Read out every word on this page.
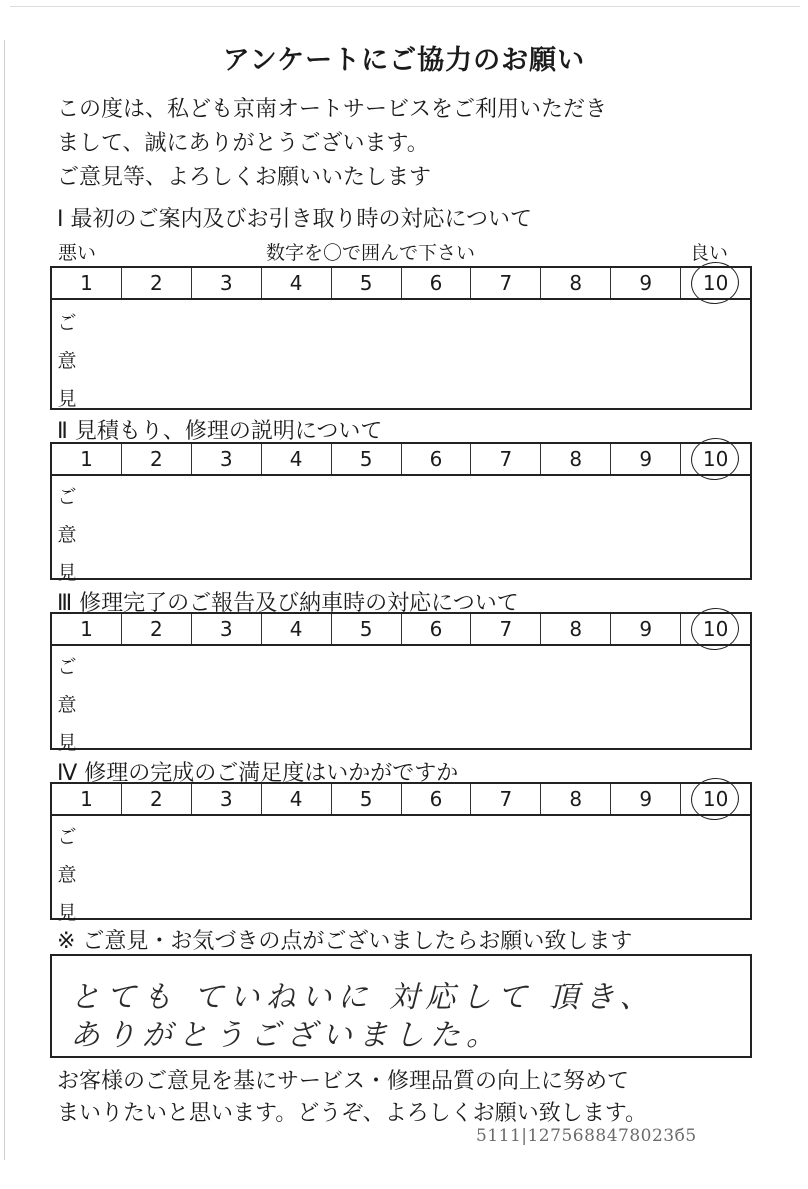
アンケートにご協力のお願い
この度は、私ども京南オートサービスをご利用いただき
まして、誠にありがとうございます。
ご意見等、よろしくお願いいたします
Ⅰ 最初のご案内及びお引き取り時の対応について
悪い	数字を〇で囲んで下さい	良い
1	2	3	4	5	6	7	8	9	10
ご
意
見
Ⅱ 見積もり、修理の説明について
1	2	3	4	5	6	7	8	9	10
ご
意
見
Ⅲ 修理完了のご報告及び納車時の対応について
1	2	3	4	5	6	7	8	9	10
ご
意
見
Ⅳ 修理の完成のご満足度はいかがですか
1	2	3	4	5	6	7	8	9	10
ご
意
見
※ ご意見・お気づきの点がございましたらお願い致します
とても ていねいに 対応して 頂き、
ありがとうございました。
お客様のご意見を基にサービス・修理品質の向上に努めて
まいりたいと思います。どうぞ、よろしくお願い致します。
5111|1275688478023б5
